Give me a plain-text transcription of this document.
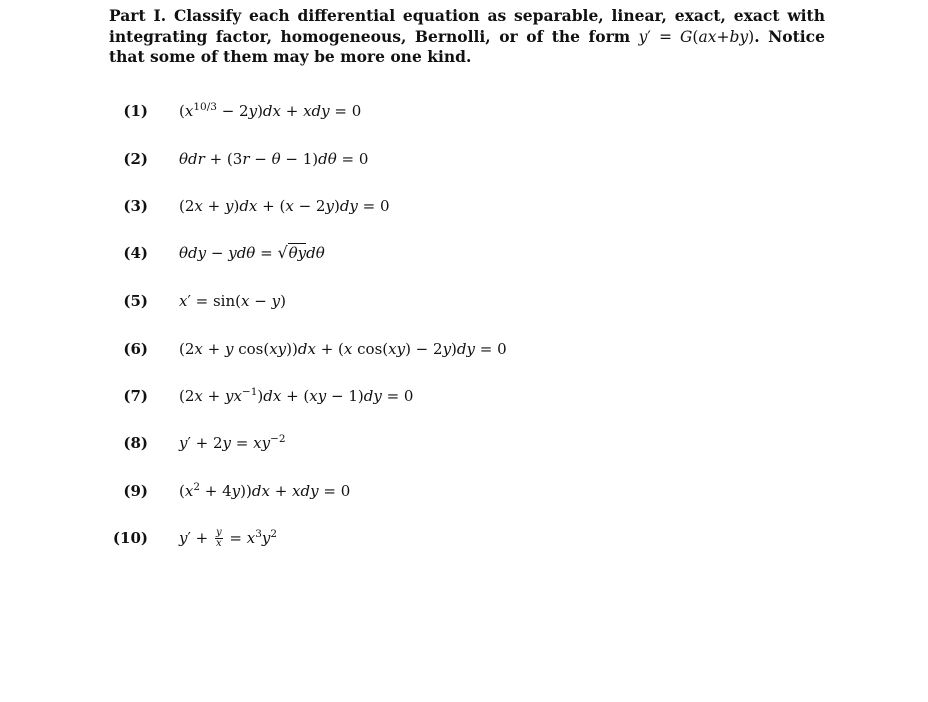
Part I. Classify each differential equation as separable, linear, exact, exact with integrating factor, homogeneous, Bernolli, or of the form y′ = G(ax+by). Notice that some of them may be more one kind.
(1) $(x^{10/3} - 2y)dx$ + xdy = 0
(2) θdr + (3r − θ − 1)dθ = 0
(3) (2x + y)dx + (x − 2y)dy = 0
(4) θdy − ydθ = √θydθ
(5) x′ = sin(x − y)
(6) (2x + y cos(xy))dx + (x cos(xy) − 2y)dy = 0
(7) $(2x + yx^{-1})dx + (xy - 1)dy = 0$
(8) $y' + 2y = xy^{-2}$
(9) $(x^2 + 4y))dx$ + xdy = 0
(10) $y' + \frac{y}{x} = x^3y^2$
